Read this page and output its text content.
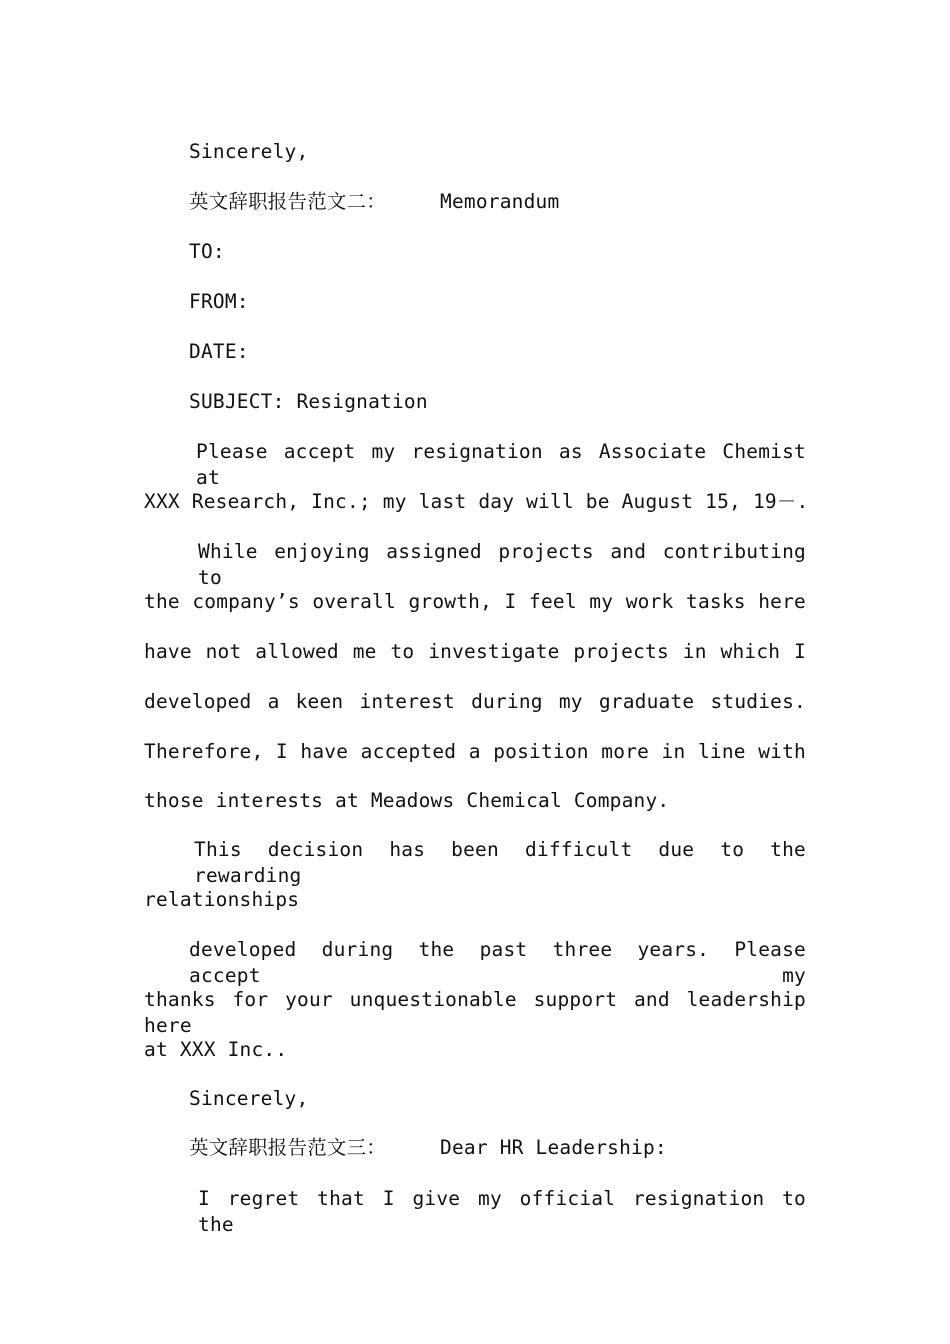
Sincerely,
英文辞职报告范文二：	Memorandum
TO:
FROM:
DATE:
SUBJECT: Resignation
Please accept my resignation as Associate Chemist at
XXX Research, Inc.; my last day will be August 15, 19－.
While enjoying assigned projects and contributing to
the company’s overall growth, I feel my work tasks here
have not allowed me to investigate projects in which I
developed a keen interest during my graduate studies.
Therefore, I have accepted a position more in line with
those interests at Meadows Chemical Company.
This decision has been difficult due to the rewarding
relationships
developed during the past three years. Please accept my
thanks for your unquestionable support and leadership here
at XXX Inc..
Sincerely,
英文辞职报告范文三：	Dear HR Leadership:
I regret that I give my official resignation to the
